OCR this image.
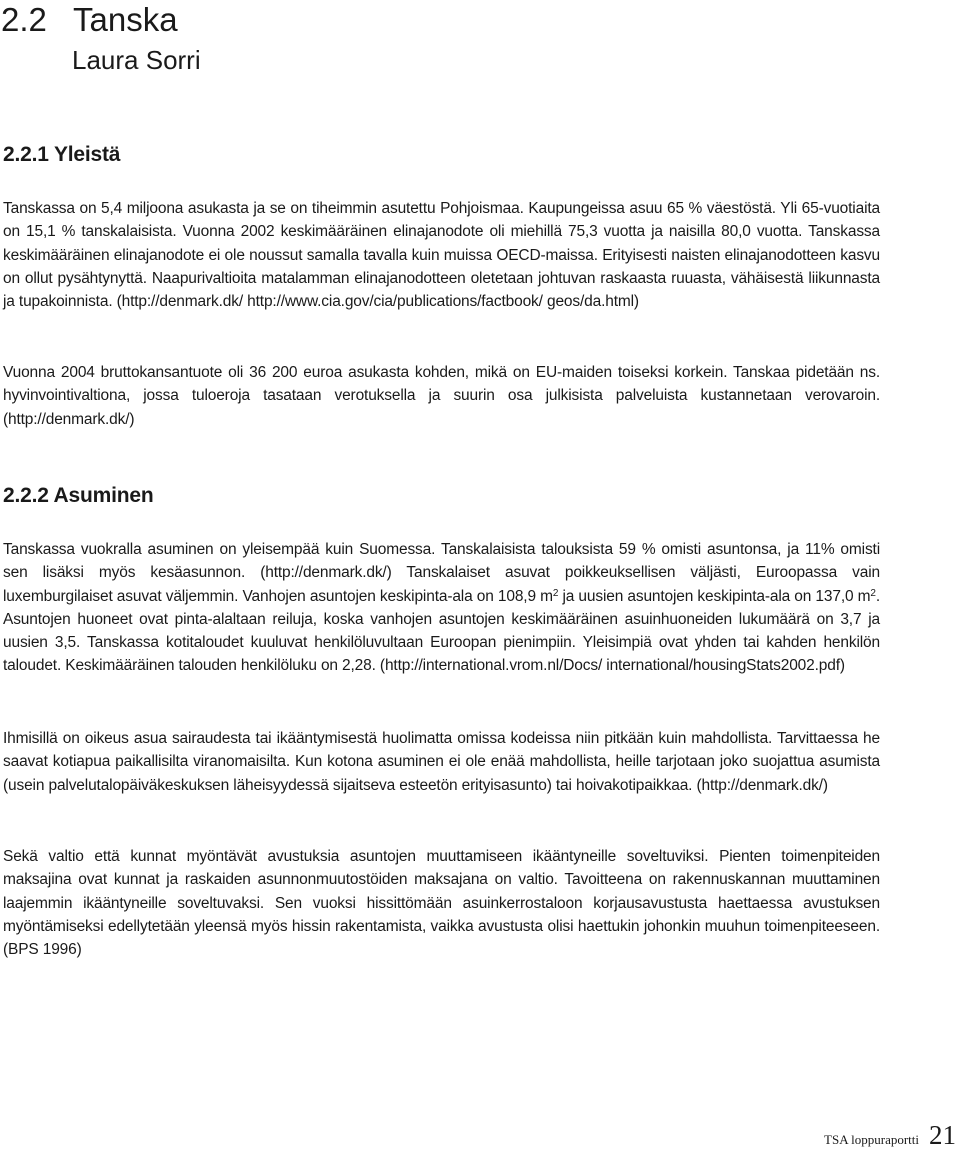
2.2 Tanska
Laura Sorri
2.2.1 Yleistä

Tanskassa on 5,4 miljoona asukasta ja se on tiheimmin asutettu Pohjoismaa. Kaupungeissa asuu 65 % väestöstä. Yli 65-vuotiaita on 15,1 % tanskalaisista. Vuonna 2002 keskimääräinen elinajanodote oli miehillä 75,3 vuotta ja naisilla 80,0 vuotta. Tanskassa keskimääräinen elinajanodote ei ole noussut samalla tavalla kuin muissa OECD-maissa. Erityisesti naisten elinajanodotteen kasvu on ollut pysähtynyttä. Naapurivaltioita matalamman elinajanodotteen oletetaan johtuvan raskaasta ruuasta, vähäisestä liikunnasta ja tupakoinnista. (http://denmark.dk/ http://www.cia.gov/cia/publications/factbook/ geos/da.html)

Vuonna 2004 bruttokansantuote oli 36 200 euroa asukasta kohden, mikä on EU-maiden toiseksi korkein. Tanskaa pidetään ns. hyvinvointivaltiona, jossa tuloeroja tasataan verotuksella ja suurin osa julkisista palveluista kustannetaan verovaroin. (http://denmark.dk/)

2.2.2 Asuminen

Tanskassa vuokralla asuminen on yleisempää kuin Suomessa. Tanskalaisista talouksista 59 % omisti asuntonsa, ja 11% omisti sen lisäksi myös kesäasunnon. (http://denmark.dk/) Tanskalaiset asuvat poikkeuksellisen väljästi, Euroopassa vain luxemburgilaiset asuvat väljemmin. Vanhojen asuntojen keskipinta-ala on 108,9 $m^2$ ja uusien asuntojen keskipinta-ala on 137,0 $m^2$. Asuntojen huoneet ovat pinta-alaltaan reiluja, koska vanhojen asuntojen keskimääräinen asuinhuoneiden lukumäärä on 3,7 ja uusien 3,5. Tanskassa kotitaloudet kuuluvat henkilöluvultaan Euroopan pienimpiin. Yleisimpiä ovat yhden tai kahden henkilön taloudet. Keskimääräinen talouden henkilöluku on 2,28. (http://international.vrom.nl/Docs/ international/housingStats2002.pdf)

Ihmisillä on oikeus asua sairaudesta tai ikääntymisestä huolimatta omissa kodeissa niin pitkään kuin mahdollista. Tarvittaessa he saavat kotiapua paikallisilta viranomaisilta. Kun kotona asuminen ei ole enää mahdollista, heille tarjotaan joko suojattua asumista (usein palvelutalopäiväkeskuksen läheisyydessä sijaitseva esteetön erityisasunto) tai hoivakotipaikkaa. (http://denmark.dk/)

Sekä valtio että kunnat myöntävät avustuksia asuntojen muuttamiseen ikääntyneille soveltuviksi. Pienten toimenpiteiden maksajina ovat kunnat ja raskaiden asunnonmuutostöiden maksajana on valtio. Tavoitteena on rakennuskannan muuttaminen laajemmin ikääntyneille soveltuvaksi. Sen vuoksi hissittömään asuinkerrostaloon korjausavustusta haettaessa avustuksen myöntämiseksi edellytetään yleensä myös hissin rakentamista, vaikka avustusta olisi haettukin johonkin muuhun toimenpiteeseen. (BPS 1996)

TSA loppuraportti 21
